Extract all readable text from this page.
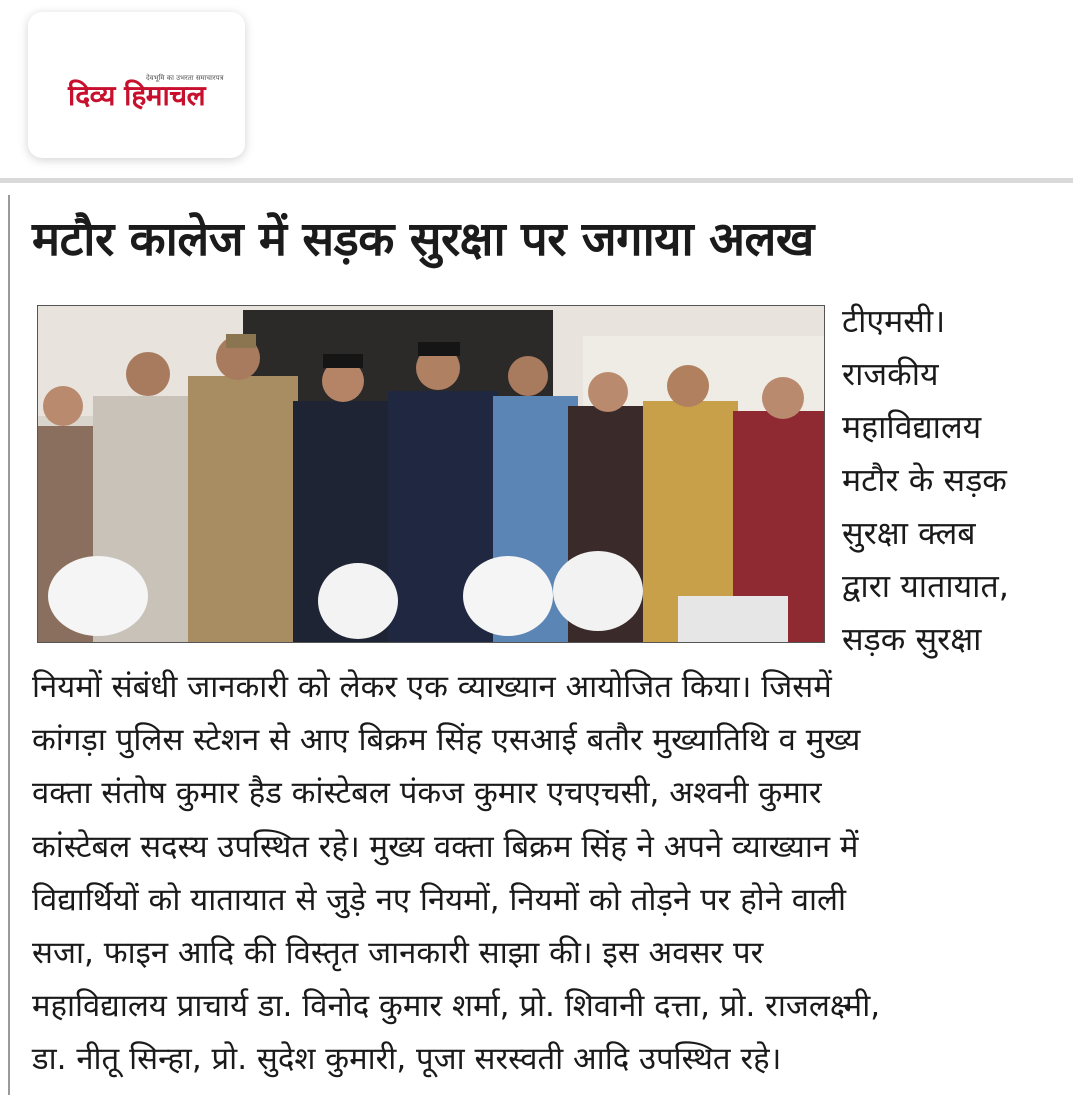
देवभूमि का उभरता समाचारपत्र
दिव्य हिमाचल
मटौर कालेज में सड़क सुरक्षा पर जगाया अलख
टीएमसी।
राजकीय
महाविद्यालय
मटौर के सड़क
सुरक्षा क्लब
द्वारा यातायात,
सड़क सुरक्षा
नियमों संबंधी जानकारी को लेकर एक व्याख्यान आयोजित किया। जिसमें
कांगड़ा पुलिस स्टेशन से आए बिक्रम सिंह एसआई बतौर मुख्यातिथि व मुख्य
वक्ता संतोष कुमार हैड कांस्टेबल पंकज कुमार एचएचसी, अश्वनी कुमार
कांस्टेबल सदस्य उपस्थित रहे। मुख्य वक्ता बिक्रम सिंह ने अपने व्याख्यान में
विद्यार्थियों को यातायात से जुड़े नए नियमों, नियमों को तोड़ने पर होने वाली
सजा, फाइन आदि की विस्तृत जानकारी साझा की। इस अवसर पर
महाविद्यालय प्राचार्य डा. विनोद कुमार शर्मा, प्रो. शिवानी दत्ता, प्रो. राजलक्ष्मी,
डा. नीतू सिन्हा, प्रो. सुदेश कुमारी, पूजा सरस्वती आदि उपस्थित रहे।
